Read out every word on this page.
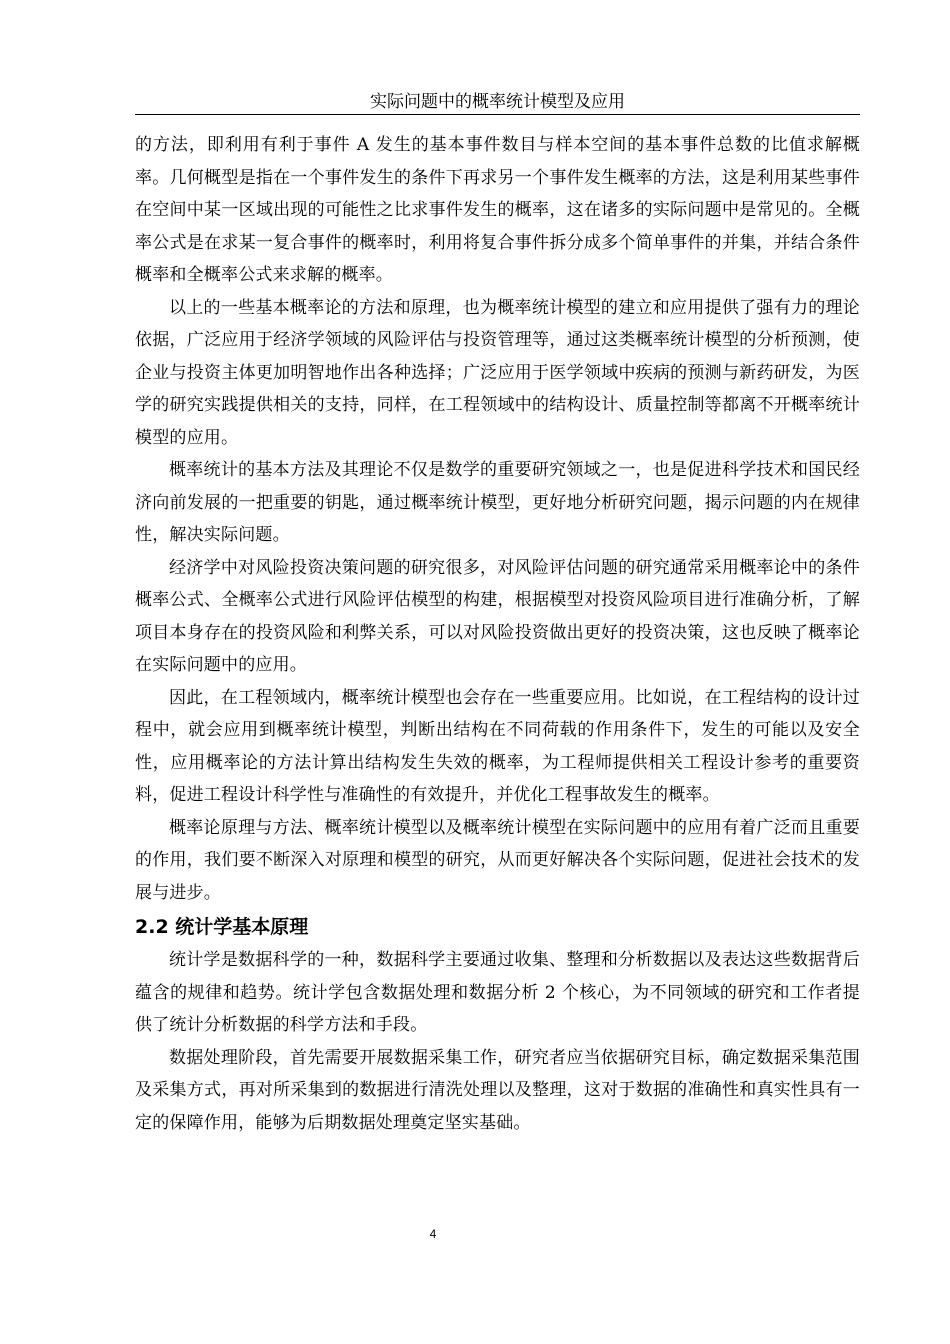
实际问题中的概率统计模型及应用

的方法，即利用有利于事件 A 发生的基本事件数目与样本空间的基本事件总数的比值求解概率。几何概型是指在一个事件发生的条件下再求另一个事件发生概率的方法，这是利用某些事件在空间中某一区域出现的可能性之比求事件发生的概率，这在诸多的实际问题中是常见的。全概率公式是在求某一复合事件的概率时，利用将复合事件拆分成多个简单事件的并集，并结合条件概率和全概率公式来求解的概率。

以上的一些基本概率论的方法和原理，也为概率统计模型的建立和应用提供了强有力的理论依据，广泛应用于经济学领域的风险评估与投资管理等，通过这类概率统计模型的分析预测，使企业与投资主体更加明智地作出各种选择；广泛应用于医学领域中疾病的预测与新药研发，为医学的研究实践提供相关的支持，同样，在工程领域中的结构设计、质量控制等都离不开概率统计模型的应用。

概率统计的基本方法及其理论不仅是数学的重要研究领域之一，也是促进科学技术和国民经济向前发展的一把重要的钥匙，通过概率统计模型，更好地分析研究问题，揭示问题的内在规律性，解决实际问题。

经济学中对风险投资决策问题的研究很多，对风险评估问题的研究通常采用概率论中的条件概率公式、全概率公式进行风险评估模型的构建，根据模型对投资风险项目进行准确分析，了解项目本身存在的投资风险和利弊关系，可以对风险投资做出更好的投资决策，这也反映了概率论在实际问题中的应用。

因此，在工程领域内，概率统计模型也会存在一些重要应用。比如说，在工程结构的设计过程中，就会应用到概率统计模型，判断出结构在不同荷载的作用条件下，发生的可能以及安全性，应用概率论的方法计算出结构发生失效的概率，为工程师提供相关工程设计参考的重要资料，促进工程设计科学性与准确性的有效提升，并优化工程事故发生的概率。

概率论原理与方法、概率统计模型以及概率统计模型在实际问题中的应用有着广泛而且重要的作用，我们要不断深入对原理和模型的研究，从而更好解决各个实际问题，促进社会技术的发展与进步。

2.2 统计学基本原理

统计学是数据科学的一种，数据科学主要通过收集、整理和分析数据以及表达这些数据背后蕴含的规律和趋势。统计学包含数据处理和数据分析 2 个核心，为不同领域的研究和工作者提供了统计分析数据的科学方法和手段。

数据处理阶段，首先需要开展数据采集工作，研究者应当依据研究目标，确定数据采集范围及采集方式，再对所采集到的数据进行清洗处理以及整理，这对于数据的准确性和真实性具有一定的保障作用，能够为后期数据处理奠定坚实基础。

4
